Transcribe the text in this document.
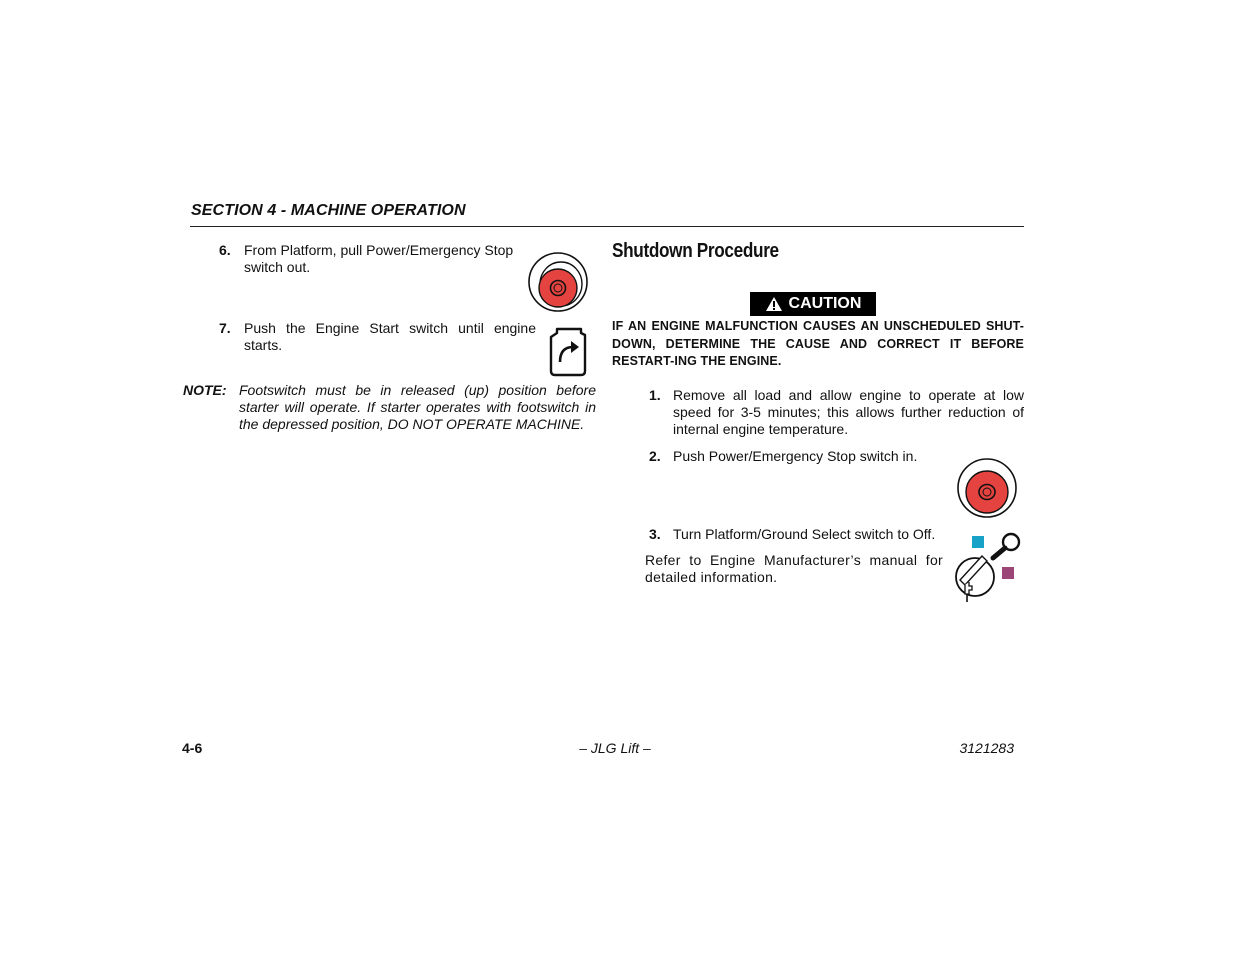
SECTION 4 - MACHINE OPERATION
6. From Platform, pull Power/Emergency Stop switch out.
7. Push the Engine Start switch until engine starts.
NOTE: Footswitch must be in released (up) position before starter will operate. If starter operates with footswitch in the depressed position, DO NOT OPERATE MACHINE.
Shutdown Procedure
CAUTION
IF AN ENGINE MALFUNCTION CAUSES AN UNSCHEDULED SHUT-DOWN, DETERMINE THE CAUSE AND CORRECT IT BEFORE RESTART-ING THE ENGINE.
1. Remove all load and allow engine to operate at low speed for 3-5 minutes; this allows further reduction of internal engine temperature.
2. Push Power/Emergency Stop switch in.
3. Turn Platform/Ground Select switch to Off.
Refer to Engine Manufacturer’s manual for detailed information.
4-6	– JLG Lift –	3121283
